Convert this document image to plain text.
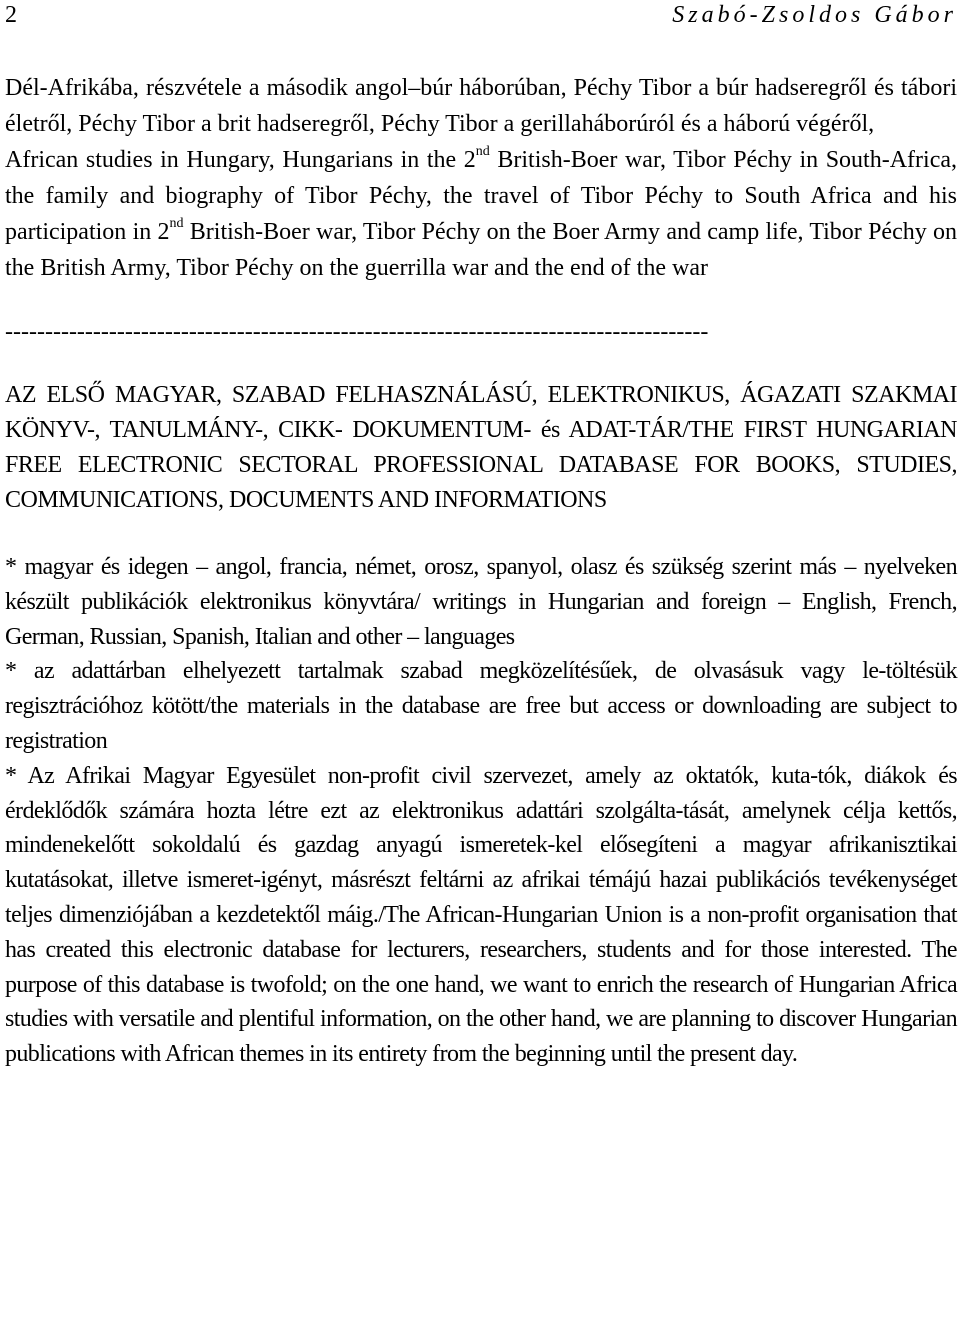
2	Szabó-Zsoldos Gábor

Dél-Afrikába, részvétele a második angol–búr háborúban, Péchy Tibor a búr hadseregről és tábori életről, Péchy Tibor a brit hadseregről, Péchy Tibor a gerillaháborúról és a háború végéről,

African studies in Hungary, Hungarians in the 2nd British-Boer war, Tibor Péchy in South-Africa, the family and biography of Tibor Péchy, the travel of Tibor Péchy to South Africa and his participation in 2nd British-Boer war, Tibor Péchy on the Boer Army and camp life, Tibor Péchy on the British Army, Tibor Péchy on the guerrilla war and the end of the war

----------------------------------------------------------------------------------------
AZ ELSŐ MAGYAR, SZABAD FELHASZNÁLÁSÚ, ELEKTRONIKUS, ÁGAZATI SZAKMAI KÖNYV-, TANULMÁNY-, CIKK- DOKUMENTUM- és ADAT-TÁR/THE FIRST HUNGARIAN FREE ELECTRONIC SECTORAL PROFESSIONAL DATABASE FOR BOOKS, STUDIES, COMMUNICATIONS, DOCUMENTS AND INFORMATIONS

* magyar és idegen – angol, francia, német, orosz, spanyol, olasz és szükség szerint más – nyelveken készült publikációk elektronikus könyvtára/ writings in Hungarian and foreign – English, French, German, Russian, Spanish, Italian and other – languages

* az adattárban elhelyezett tartalmak szabad megközelítésűek, de olvasásuk vagy le-töltésük regisztrációhoz kötött/the materials in the database are free but access or downloading are subject to registration

* Az Afrikai Magyar Egyesület non-profit civil szervezet, amely az oktatók, kuta-tók, diákok és érdeklődők számára hozta létre ezt az elektronikus adattári szolgálta-tását, amelynek célja kettős, mindenekelőtt sokoldalú és gazdag anyagú ismeretek-kel elősegíteni a magyar afrikanisztikai kutatásokat, illetve ismeret-igényt, másrészt feltárni az afrikai témájú hazai publikációs tevékenységet teljes dimenziójában a kezdetektől máig./The African-Hungarian Union is a non-profit organisation that has created this electronic database for lecturers, researchers, students and for those interested. The purpose of this database is twofold; on the one hand, we want to enrich the research of Hungarian Africa studies with versatile and plentiful information, on the other hand, we are planning to discover Hungarian publications with African themes in its entirety from the beginning until the present day.
